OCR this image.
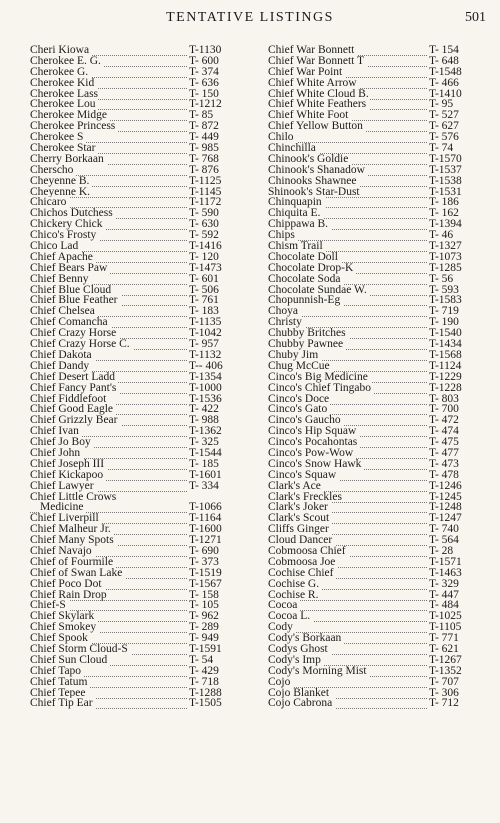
TENTATIVE LISTINGS	501
Cheri Kiowa	T-1130
Cherokee E. G.	T- 600
Cherokee G.	T- 374
Cherokee Kid	T- 636
Cherokee Lass	T- 150
Cherokee Lou	T-1212
Cherokee Midge	T- 85
Cherokee Princess	T- 872
Cherokee S	T- 449
Cherokee Star	T- 985
Cherry Borkaan	T- 768
Cherscho	T- 876
Cheyenne B.	T-1125
Cheyenne K.	T-1145
Chicaro	T-1172
Chichos Dutchess	T- 590
Chickery Chick	T- 630
Chico's Frosty	T- 592
Chico Lad	T-1416
Chief Apache	T- 120
Chief Bears Paw	T-1473
Chief Benny	T- 601
Chief Blue Cloud	T- 506
Chief Blue Feather	T- 761
Chief Chelsea	T- 183
Chief Comancha	T-1135
Chief Crazy Horse	T-1042
Chief Crazy Horse C.	T- 957
Chief Dakota	T-1132
Chief Dandy	T-- 406
Chief Desert Ladd	T-1354
Chief Fancy Pant's	T-1000
Chief Fiddlefoot	T-1536
Chief Good Eagle	T- 422
Chief Grizzly Bear	T- 988
Chief Ivan	T-1362
Chief Jo Boy	T- 325
Chief John	T-1544
Chief Joseph III	T- 185
Chief Kickapoo	T-1601
Chief Lawyer	T- 334
Chief Little Crows
Medicine	T-1066
Chief Liverpill	T-1164
Chief Malheur Jr.	T-1600
Chief Many Spots	T-1271
Chief Navajo	T- 690
Chief of Fourmile	T- 373
Chief of Swan Lake	T-1519
Chief Poco Dot	T-1567
Chief Rain Drop	T- 158
Chief-S	T- 105
Chief Skylark	T- 962
Chief Smokey	T- 289
Chief Spook	T- 949
Chief Storm Cloud-S	T-1591
Chief Sun Cloud	T- 54
Chief Tapo	T- 429
Chief Tatum	T- 718
Chief Tepee	T-1288
Chief Tip Ear	T-1505
Chief War Bonnett	T- 154
Chief War Bonnett T	T- 648
Chief War Point	T-1548
Chief White Arrow	T- 466
Chief White Cloud B.	T-1410
Chief White Feathers	T- 95
Chief White Foot	T- 527
Chief Yellow Button	T- 627
Chilo	T- 576
Chinchilla	T- 74
Chinook's Goldie	T-1570
Chinook's Shanadow	T-1537
Chinooks Shawnee	T-1538
Shinook's Star-Dust	T-1531
Chinquapin	T- 186
Chiquita E.	T- 162
Chippawa B.	T-1394
Chips	T- 46
Chism Trail	T-1327
Chocolate Doll	T-1073
Chocolate Drop-K	T-1285
Chocolate Soda	T- 56
Chocolate Sundae W.	T- 593
Chopunnish-Eg	T-1583
Choya	T- 719
Christy	T- 190
Chubby Britches	T-1540
Chubby Pawnee	T-1434
Chuby Jim	T-1568
Chug McCue	T-1124
Cinco's Big Medicine	T-1229
Cinco's Chief Tingabo	T-1228
Cinco's Doce	T- 803
Cinco's Gato	T- 700
Cinco's Gaucho	T- 472
Cinco's Hip Squaw	T- 474
Cinco's Pocahontas	T- 475
Cinco's Pow-Wow	T- 477
Cinco's Snow Hawk	T- 473
Cinco's Squaw	T- 478
Clark's Ace	T-1246
Clark's Freckles	T-1245
Clark's Joker	T-1248
Clark's Scout	T-1247
Cliffs Ginger	T- 740
Cloud Dancer	T- 564
Cobmoosa Chief	T- 28
Cobmoosa Joe	T-1571
Cochise Chief	T-1463
Cochise G.	T- 329
Cochise R.	T- 447
Cocoa	T- 484
Cocoa L.	T-1025
Cody	T-1105
Cody's Borkaan	T- 771
Codys Ghost	T- 621
Cody's Imp	T-1267
Cody's Morning Mist	T-1352
Cojo	T- 707
Cojo Blanket	T- 306
Cojo Cabrona	T- 712
